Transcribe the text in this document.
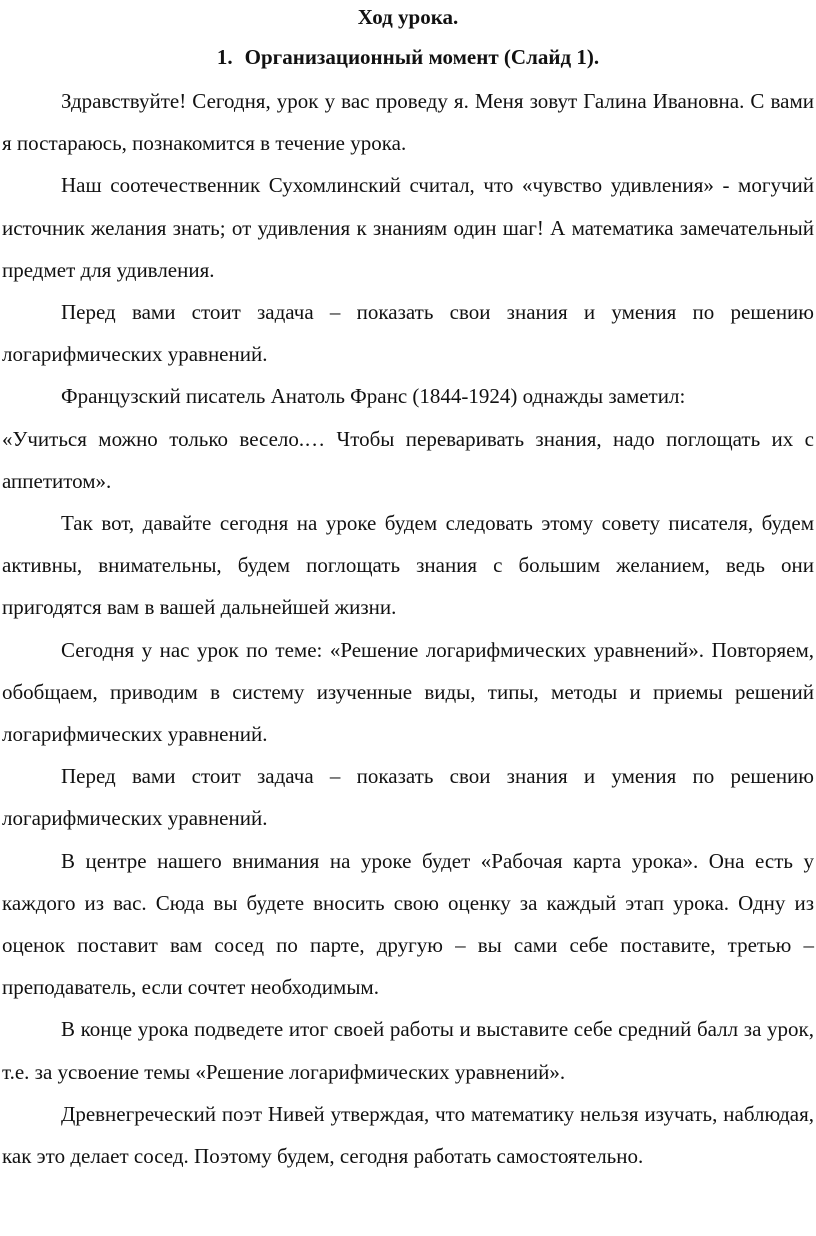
Ход урока.
1. Организационный момент (Слайд 1).

Здравствуйте! Сегодня, урок у вас проведу я. Меня зовут Галина Ивановна. С вами я постараюсь, познакомится в течение урока.

Наш соотечественник Сухомлинский считал, что «чувство удивления» - могучий источник желания знать; от удивления к знаниям один шаг! А математика замечательный предмет для удивления.

Перед вами стоит задача – показать свои знания и умения по решению логарифмических уравнений.

Французский писатель Анатоль Франс (1844-1924) однажды заметил:

«Учиться можно только весело.… Чтобы переваривать знания, надо поглощать их с аппетитом».

Так вот, давайте сегодня на уроке будем следовать этому совету писателя, будем активны, внимательны, будем поглощать знания с большим желанием, ведь они пригодятся вам в вашей дальнейшей жизни.

Сегодня у нас урок по теме: «Решение логарифмических уравнений». Повторяем, обобщаем, приводим в систему изученные виды, типы, методы и приемы решений логарифмических уравнений.

Перед вами стоит задача – показать свои знания и умения по решению логарифмических уравнений.

В центре нашего внимания на уроке будет «Рабочая карта урока». Она есть у каждого из вас. Сюда вы будете вносить свою оценку за каждый этап урока. Одну из оценок поставит вам сосед по парте, другую – вы сами себе поставите, третью – преподаватель, если сочтет необходимым.

В конце урока подведете итог своей работы и выставите себе средний балл за урок, т.е. за усвоение темы «Решение логарифмических уравнений».

Древнегреческий поэт Нивей утверждая, что математику нельзя изучать, наблюдая, как это делает сосед. Поэтому будем, сегодня работать самостоятельно.
